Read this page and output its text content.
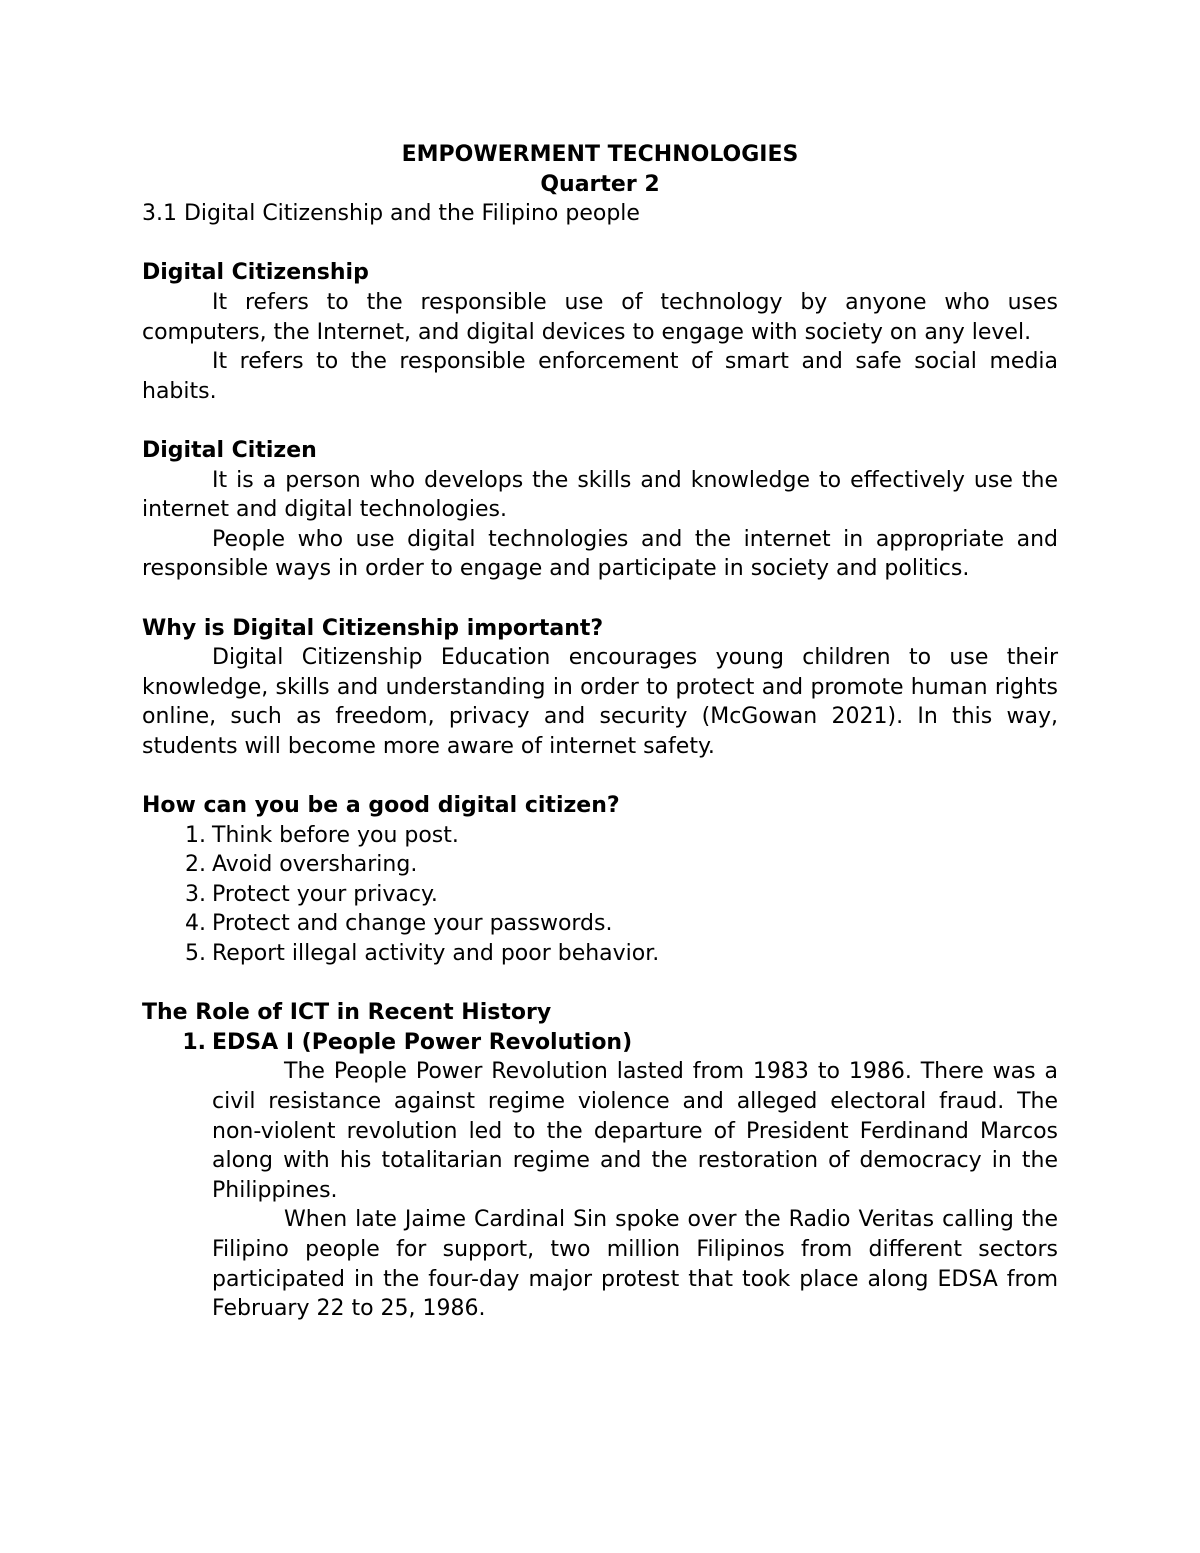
EMPOWERMENT TECHNOLOGIES

Quarter 2

3.1 Digital Citizenship and the Filipino people

Digital Citizenship

It refers to the responsible use of technology by anyone who uses computers, the Internet, and digital devices to engage with society on any level.

It refers to the responsible enforcement of smart and safe social media habits.

Digital Citizen

It is a person who develops the skills and knowledge to effectively use the internet and digital technologies.

People who use digital technologies and the internet in appropriate and responsible ways in order to engage and participate in society and politics.

Why is Digital Citizenship important?

Digital Citizenship Education encourages young children to use their knowledge, skills and understanding in order to protect and promote human rights online, such as freedom, privacy and security (McGowan 2021). In this way, students will become more aware of internet safety.

How can you be a good digital citizen?

1. Think before you post.
2. Avoid oversharing.
3. Protect your privacy.
4. Protect and change your passwords.
5. Report illegal activity and poor behavior.

The Role of ICT in Recent History

1. EDSA I (People Power Revolution)

The People Power Revolution lasted from 1983 to 1986. There was a civil resistance against regime violence and alleged electoral fraud. The non-violent revolution led to the departure of President Ferdinand Marcos along with his totalitarian regime and the restoration of democracy in the Philippines.

When late Jaime Cardinal Sin spoke over the Radio Veritas calling the Filipino people for support, two million Filipinos from different sectors participated in the four-day major protest that took place along EDSA from February 22 to 25, 1986.
